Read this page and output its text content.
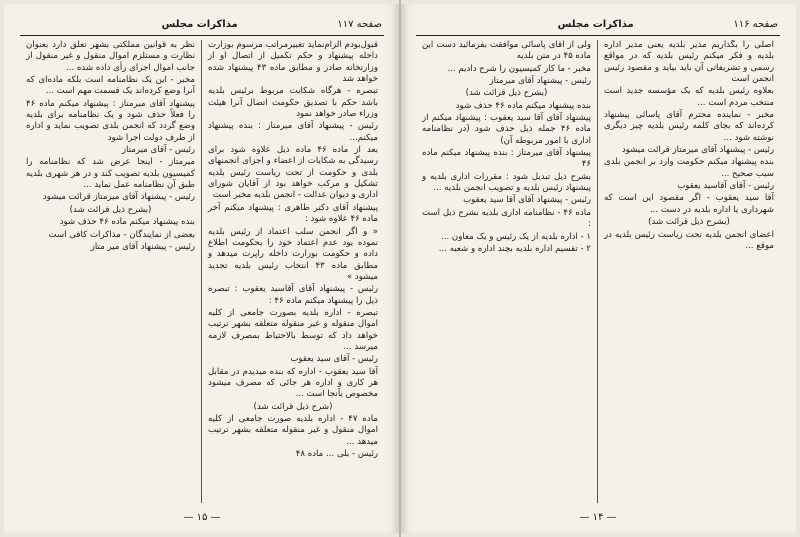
صفحه ۱۱۷
مذاکرات مجلس

قبول‌بودم الزام‌نماید تغییرمراتب مرسوم بوزارت داخله پیشنهاد و حکم تکمیل از اتصال او از وزارتخانه صادر و مطابق ماده ۴۳ پیشنهاد شده خواهد شد

تبصره - هرگاه شکایت مربوط برئیس بلدیه باشد حکم با تصدیق حکومت اتصال آنرا هیئت وزراء صادر خواهد نمود

رئیس - پیشنهاد آقای میرمتاز : بنده پیشنهاد میکنم...

بعد از ماده ۴۶ ماده ذیل علاوه شود برای رسیدگی به شکایات از اعضاء و اجزای انجمنهای بلدی و حکومت از تحت ریاست رئیس بلدیه تشکیل و مرکب خواهد بود از آقایان شورای اداری و دیوان عدالت - انجمن بلدیه مخیر است

پیشنهاد آقای دکتر طاهری : پیشنهاد میکنم آخر ماده ۴۶ علاوه شود :

« و اگر انجمن سلب اعتماد از رئیس بلدیه نموده بود عدم اعتماد خود را بحکومت اطلاع داده و حکومت بوزارت داخله راپرت میدهد و مطابق ماده ۴۳ انتخاب رئیس بلدیه تجدید میشود »

رئیس - پیشنهاد آقای آقاسید یعقوب : تبصره ذیل را پیشنهاد میکنم ماده ۴۶ :

تبصره - اداره بلدیه بصورت جامعی از کلیه اموال منقوله و غیر منقوله متعلقه بشهر ترتیب خواهد داد که توسط بالاحتیاط بمصرف لازمه میرسد ...

رئیس - آقای سید یعقوب

آقا سید یعقوب - اداره که بنده میدیدم در مقابل هر کاری و اداره هر جائی که مصرف میشود مخصوص بآنجا است ...

(شرح ذیل قرائت شد)

ماده ۴۷ - اداره بلدیه صورت جامعی از کلیه اموال منقول و غیر منقوله متعلقه بشهر ترتیب میدهد ...

رئیس - بلی ... ماده ۴۸

نظر به قوانین مملکتی بشهر تعلق دارد بعنوان نظارت و مستلزم اموال منقول و غیر منقول از جانب اموال اجرای رأی داده شده ...

مخبر - این یک نظامنامه است بلکه ماده‌ای که آنرا وضع کرده‌اند یک قسمت مهم است ...

پیشنهاد آقای میرمتاز : پیشنهاد میکنم ماده ۴۶ را فعلاً حذف شود و یک نظامنامه برای بلدیه وضع گردد که انجمن بلدی تصویب نماید و اداره از طرف دولت اجرا شود

رئیس - آقای میرمتاز

میرمتاز - اینجا عرض شد که نظامنامه را کمیسیون بلدیه تصویب کند و در هر شهری بلدیه طبق آن نظامنامه عمل نماید ...

رئیس - پیشنهاد آقای میرمتاز قرائت میشود

(بشرح ذیل قرائت شد)

بنده پیشنهاد میکنم ماده ۴۶ حذف شود

بعضی از نمایندگان - مذاکرات کافی است

رئیس - پیشنهاد آقای میر متاز

— ۱۵ —
صفحه ۱۱۶
مذاکرات مجلس

اصلی را بگذاریم مدیر بلدیه یعنی مدیر اداره بلدیه و فکر میکنم رئیس بلدیه که در مواقع رسمی و تشریفاتی آن باید بیاید و مقصود رئیس انجمن است

بعلاوه رئیس بلدیه که یک مؤسسه جدید است منتخب مردم است ...

مخبر - نماینده محترم آقای پاسائی پیشنهاد کرده‌اند که بجای کلمه رئیس بلدیه چیز دیگری نوشته شود ...

رئیس - پیشنهاد آقای میرمتاز قرائت میشود

بنده پیشنهاد میکنم حکومت وارد بر انجمن بلدی سبب صحیح ...

رئیس - آقای آقاسید یعقوب

آقا سید یعقوب - اگر مقصود این است که شهرداری یا اداره بلدیه در دست ...

(بشرح ذیل قرائت شد)

اعضای انجمن بلدیه تحت ریاست رئیس بلدیه در موقع ...

ولی از آقای پاسائی موافقت بفرمائید دست این ماده ۴۵ در متن بلدیه

مخبر - ما کار کمیسیون را شرح دادیم ...

رئیس - پیشنهاد آقای میرمتاز

(بشرح ذیل قرائت شد)

بنده پیشنهاد میکنم ماده ۴۶ حذف شود

پیشنهاد آقای آقا سید یعقوب : پیشنهاد میکنم از ماده ۴۶ جمله ذیل حذف شود (در نظامنامه اداری با امور مربوطه آن)

پیشنهاد آقای میرمتاز : بنده پیشنهاد میکنم ماده ۴۶

بشرح ذیل تبدیل شود : مقررات اداری بلدیه و پیشنهاد رئیس بلدیه و تصویب انجمن بلدیه ...

رئیس - پیشنهاد آقای آقا سید یعقوب

ماده ۴۶ - نظامنامه اداری بلدیه بشرح ذیل است :

۱ - اداره بلدیه از یک رئیس و یک معاون ...

۲ - تقسیم اداره بلدیه بچند اداره و شعبه ...

— ۱۴ —
